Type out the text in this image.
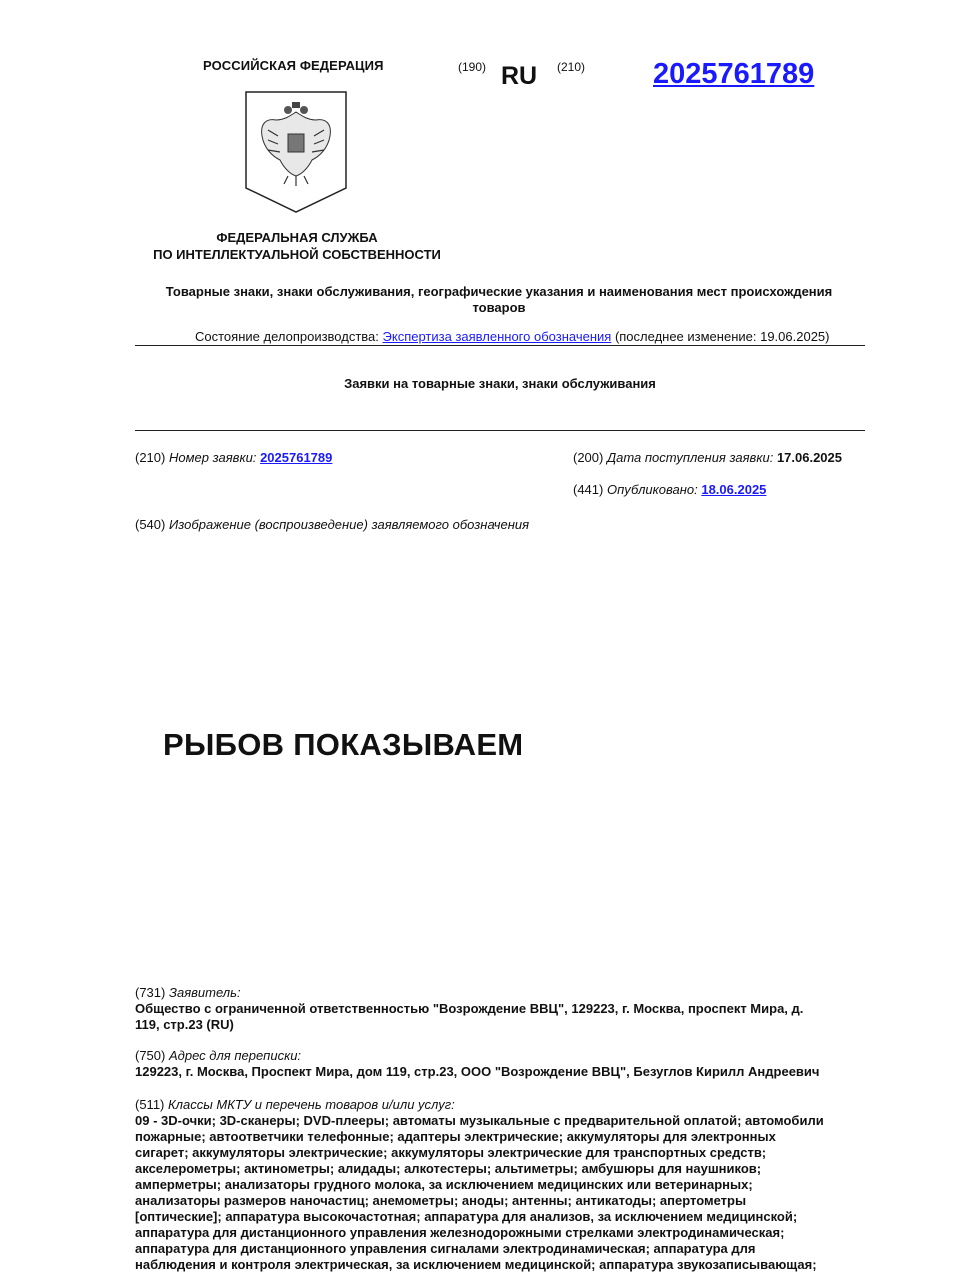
РОССИЙСКАЯ ФЕДЕРАЦИЯ	(190) RU (210) 2025761789
ФЕДЕРАЛЬНАЯ СЛУЖБА
ПО ИНТЕЛЛЕКТУАЛЬНОЙ СОБСТВЕННОСТИ
Товарные знаки, знаки обслуживания, географические указания и наименования мест происхождения
товаров
Состояние делопроизводства: Экспертиза заявленного обозначения (последнее изменение: 19.06.2025)
Заявки на товарные знаки, знаки обслуживания
(210) Номер заявки: 2025761789	(200) Дата поступления заявки: 17.06.2025
(441) Опубликовано: 18.06.2025
(540) Изображение (воспроизведение) заявляемого обозначения
РЫБОВ ПОКАЗЫВАЕМ
(731) Заявитель:
Общество с ограниченной ответственностью "Возрождение ВВЦ", 129223, г. Москва, проспект Мира, д.
119, стр.23 (RU)
(750) Адрес для переписки:
129223, г. Москва, Проспект Мира, дом 119, стр.23, ООО "Возрождение ВВЦ", Безуглов Кирилл Андреевич
(511) Классы МКТУ и перечень товаров и/или услуг:
09 - 3D-очки; 3D-сканеры; DVD-плееры; автоматы музыкальные с предварительной оплатой; автомобили
пожарные; автоответчики телефонные; адаптеры электрические; аккумуляторы для электронных
сигарет; аккумуляторы электрические; аккумуляторы электрические для транспортных средств;
акселерометры; актинометры; алидады; алкотестеры; альтиметры; амбушюры для наушников;
амперметры; анализаторы грудного молока, за исключением медицинских или ветеринарных;
анализаторы размеров наночастиц; анемометры; аноды; антенны; антикатоды; апертометры
[оптические]; аппаратура высокочастотная; аппаратура для анализов, за исключением медицинской;
аппаратура для дистанционного управления железнодорожными стрелками электродинамическая;
аппаратура для дистанционного управления сигналами электродинамическая; аппаратура для
наблюдения и контроля электрическая, за исключением медицинской; аппаратура звукозаписывающая;
